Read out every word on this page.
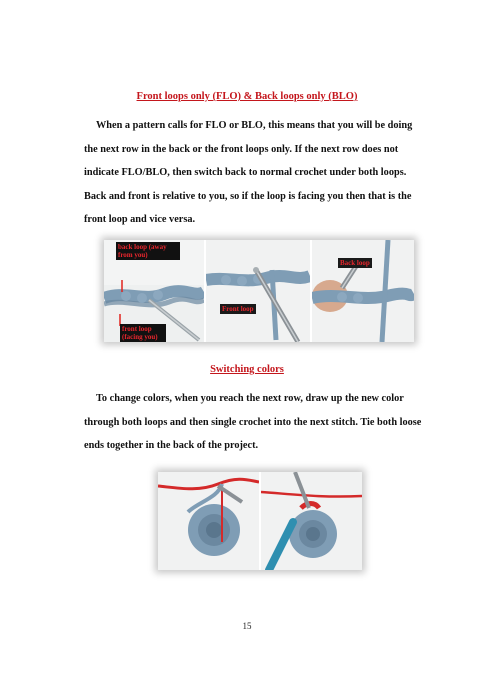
Front loops only (FLO) & Back loops only (BLO)

When a pattern calls for FLO or BLO, this means that you will be doing the next row in the back or the front loops only. If the next row does not indicate FLO/BLO, then switch back to normal crochet under both loops. Back and front is relative to you, so if the loop is facing you then that is the front loop and vice versa.

back loop (away from you)
front loop (facing you)
Front loop
Back loop
Switching colors

To change colors, when you reach the next row, draw up the new color through both loops and then single crochet into the next stitch. Tie both loose ends together in the back of the project.

15
